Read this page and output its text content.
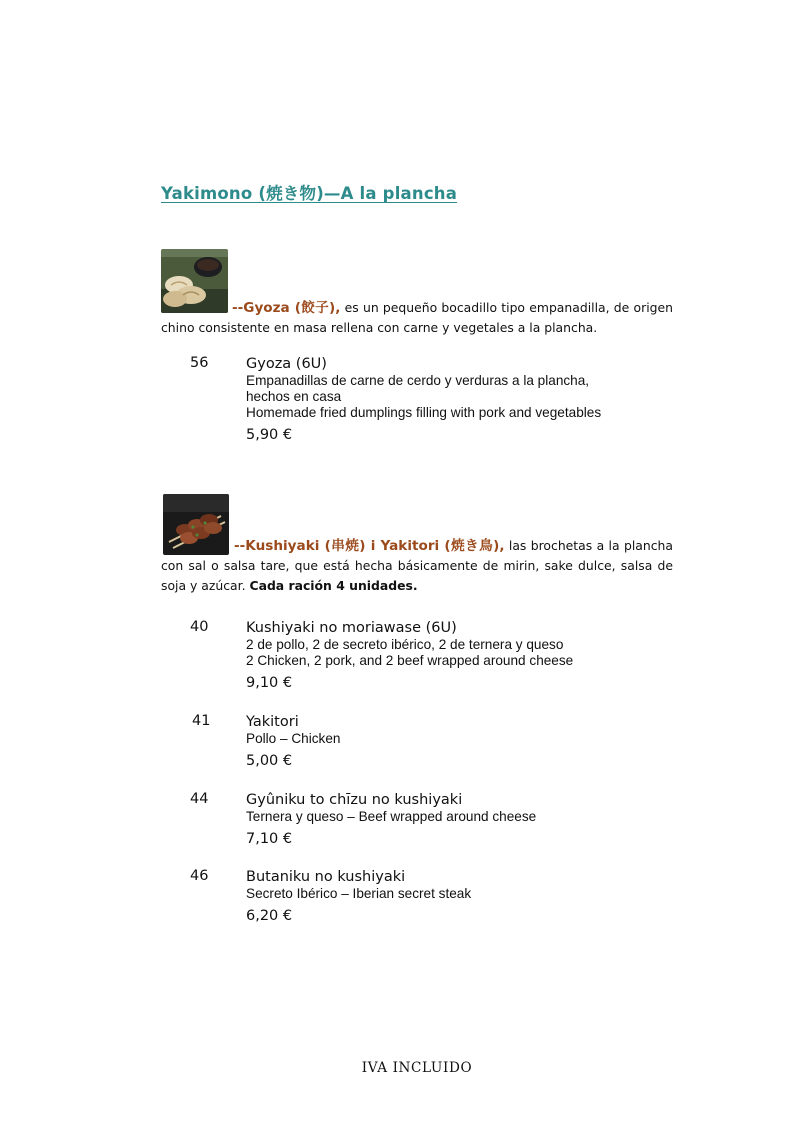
Yakimono (焼き物)—A la plancha
--Gyoza (餃子), es un pequeño bocadillo tipo empanadilla, de origen chino consistente en masa rellena con carne y vegetales a la plancha.
56	Gyoza (6U)
Empanadillas de carne de cerdo y verduras a la plancha,
hechos en casa
Homemade fried dumplings filling with pork and vegetables
5,90 €
--Kushiyaki (串焼) i Yakitori (焼き鳥), las brochetas a la plancha con sal o salsa tare, que está hecha básicamente de mirin, sake dulce, salsa de soja y azúcar. Cada ración 4 unidades.
40	Kushiyaki no moriawase (6U)
2 de pollo, 2 de secreto ibérico, 2 de ternera y queso
2 Chicken, 2 pork, and 2 beef wrapped around cheese
9,10 €
41	Yakitori
Pollo – Chicken
5,00 €
44	Gyûniku to chīzu no kushiyaki
Ternera y queso – Beef wrapped around cheese
7,10 €
46	Butaniku no kushiyaki
Secreto Ibérico – Iberian secret steak
6,20 €
IVA INCLUIDO
